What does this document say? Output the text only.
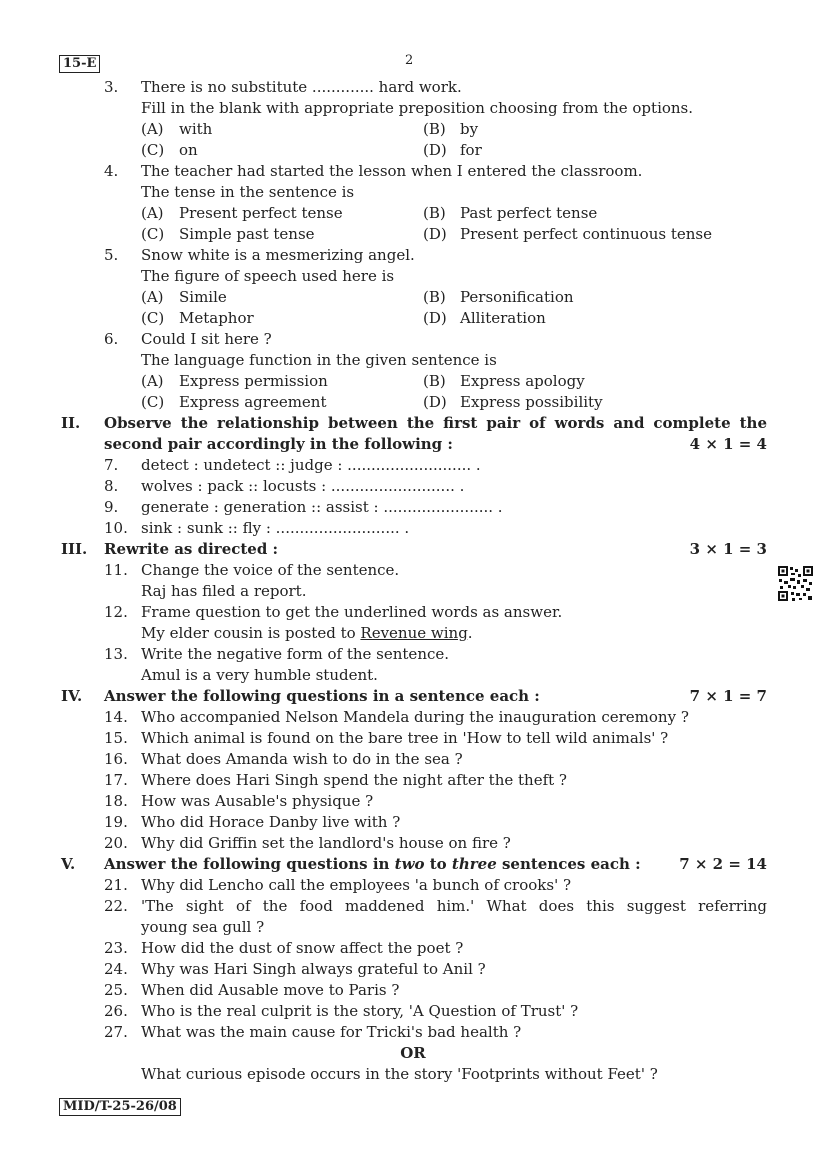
15-E	2
3. There is no substitute ............. hard work.
Fill in the blank with appropriate preposition choosing from the options.
(A) with	(B) by
(C) on	(D) for
4. The teacher had started the lesson when I entered the classroom.
The tense in the sentence is
(A) Present perfect tense	(B) Past perfect tense
(C) Simple past tense	(D) Present perfect continuous tense
5. Snow white is a mesmerizing angel.
The figure of speech used here is
(A) Simile	(B) Personification
(C) Metaphor	(D) Alliteration
6. Could I sit here ?
The language function in the given sentence is
(A) Express permission	(B) Express apology
(C) Express agreement	(D) Express possibility
II. Observe the relationship between the first pair of words and complete the
second pair accordingly in the following :	4 × 1 = 4
7. detect : undetect :: judge : .......................... .
8. wolves : pack :: locusts : .......................... .
9. generate : generation :: assist : ....................... .
10. sink : sunk :: fly : .......................... .
III. Rewrite as directed :	3 × 1 = 3
11. Change the voice of the sentence.
Raj has filed a report.
12. Frame question to get the underlined words as answer.
My elder cousin is posted to Revenue wing.
13. Write the negative form of the sentence.
Amul is a very humble student.
IV. Answer the following questions in a sentence each :	7 × 1 = 7
14. Who accompanied Nelson Mandela during the inauguration ceremony ?
15. Which animal is found on the bare tree in 'How to tell wild animals' ?
16. What does Amanda wish to do in the sea ?
17. Where does Hari Singh spend the night after the theft ?
18. How was Ausable's physique ?
19. Who did Horace Danby live with ?
20. Why did Griffin set the landlord's house on fire ?
V. Answer the following questions in two to three sentences each :	7 × 2 = 14
21. Why did Lencho call the employees 'a bunch of crooks' ?
22. 'The sight of the food maddened him.' What does this suggest referring
young sea gull ?
23. How did the dust of snow affect the poet ?
24. Why was Hari Singh always grateful to Anil ?
25. When did Ausable move to Paris ?
26. Who is the real culprit is the story, 'A Question of Trust' ?
27. What was the main cause for Tricki's bad health ?
OR
What curious episode occurs in the story 'Footprints without Feet' ?
MID/T-25-26/08
